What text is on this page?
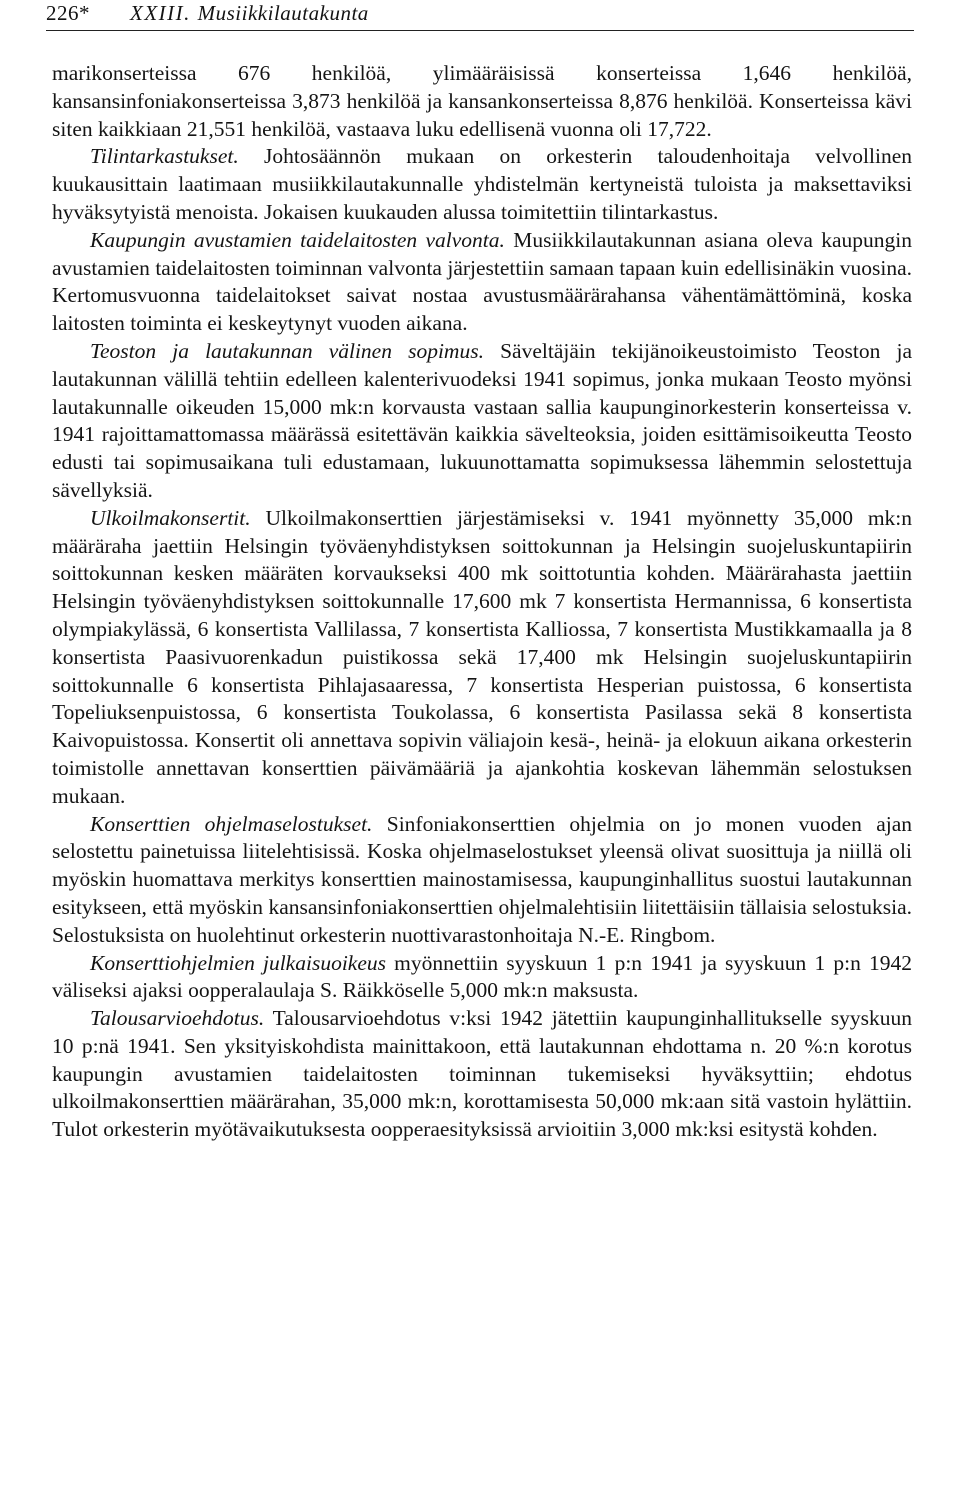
226* XXIII. Musiikkilautakunta

marikonserteissa 676 henkilöä, ylimääräisissä konserteissa 1,646 henkilöä, kansansinfoniakonserteissa 3,873 henkilöä ja kansankonserteissa 8,876 henkilöä. Konserteissa kävi siten kaikkiaan 21,551 henkilöä, vastaava luku edellisenä vuonna oli 17,722.

Tilintarkastukset. Johtosäännön mukaan on orkesterin taloudenhoitaja velvollinen kuukausittain laatimaan musiikkilautakunnalle yhdistelmän kertyneistä tuloista ja maksettaviksi hyväksytyistä menoista. Jokaisen kuukauden alussa toimitettiin tilintarkastus.

Kaupungin avustamien taidelaitosten valvonta. Musiikkilautakunnan asiana oleva kaupungin avustamien taidelaitosten toiminnan valvonta järjestettiin samaan tapaan kuin edellisinäkin vuosina. Kertomusvuonna taidelaitokset saivat nostaa avustusmäärärahansa vähentämättöminä, koska laitosten toiminta ei keskeytynyt vuoden aikana.

Teoston ja lautakunnan välinen sopimus. Säveltäjäin tekijänoikeustoimisto Teoston ja lautakunnan välillä tehtiin edelleen kalenterivuodeksi 1941 sopimus, jonka mukaan Teosto myönsi lautakunnalle oikeuden 15,000 mk:n korvausta vastaan sallia kaupunginorkesterin konserteissa v. 1941 rajoittamattomassa määrässä esitettävän kaikkia sävelteoksia, joiden esittämisoikeutta Teosto edusti tai sopimusaikana tuli edustamaan, lukuunottamatta sopimuksessa lähemmin selostettuja sävellyksiä.

Ulkoilmakonsertit. Ulkoilmakonserttien järjestämiseksi v. 1941 myönnetty 35,000 mk:n määräraha jaettiin Helsingin työväenyhdistyksen soittokunnan ja Helsingin suojeluskuntapiirin soittokunnan kesken määräten korvaukseksi 400 mk soittotuntia kohden. Määrärahasta jaettiin Helsingin työväenyhdistyksen soittokunnalle 17,600 mk 7 konsertista Hermannissa, 6 konsertista olympiakylässä, 6 konsertista Vallilassa, 7 konsertista Kalliossa, 7 konsertista Mustikkamaalla ja 8 konsertista Paasivuorenkadun puistikossa sekä 17,400 mk Helsingin suojeluskuntapiirin soittokunnalle 6 konsertista Pihlajasaaressa, 7 konsertista Hesperian puistossa, 6 konsertista Topeliuksenpuistossa, 6 konsertista Toukolassa, 6 konsertista Pasilassa sekä 8 konsertista Kaivopuistossa. Konsertit oli annettava sopivin väliajoin kesä-, heinä- ja elokuun aikana orkesterin toimistolle annettavan konserttien päivämääriä ja ajankohtia koskevan lähemmän selostuksen mukaan.

Konserttien ohjelmaselostukset. Sinfoniakonserttien ohjelmia on jo monen vuoden ajan selostettu painetuissa liitelehtisissä. Koska ohjelmaselostukset yleensä olivat suosittuja ja niillä oli myöskin huomattava merkitys konserttien mainostamisessa, kaupunginhallitus suostui lautakunnan esitykseen, että myöskin kansansinfoniakonserttien ohjelmalehtisiin liitettäisiin tällaisia selostuksia. Selostuksista on huolehtinut orkesterin nuottivarastonhoitaja N.-E. Ringbom.

Konserttiohjelmien julkaisuoikeus myönnettiin syyskuun 1 p:n 1941 ja syyskuun 1 p:n 1942 väliseksi ajaksi oopperalaulaja S. Räikköselle 5,000 mk:n maksusta.

Talousarvioehdotus. Talousarvioehdotus v:ksi 1942 jätettiin kaupunginhallitukselle syyskuun 10 p:nä 1941. Sen yksityiskohdista mainittakoon, että lautakunnan ehdottama n. 20 %:n korotus kaupungin avustamien taidelaitosten toiminnan tukemiseksi hyväksyttiin; ehdotus ulkoilmakonserttien määrärahan, 35,000 mk:n, korottamisesta 50,000 mk:aan sitä vastoin hylättiin. Tulot orkesterin myötävaikutuksesta oopperaesityksissä arvioitiin 3,000 mk:ksi esitystä kohden.
